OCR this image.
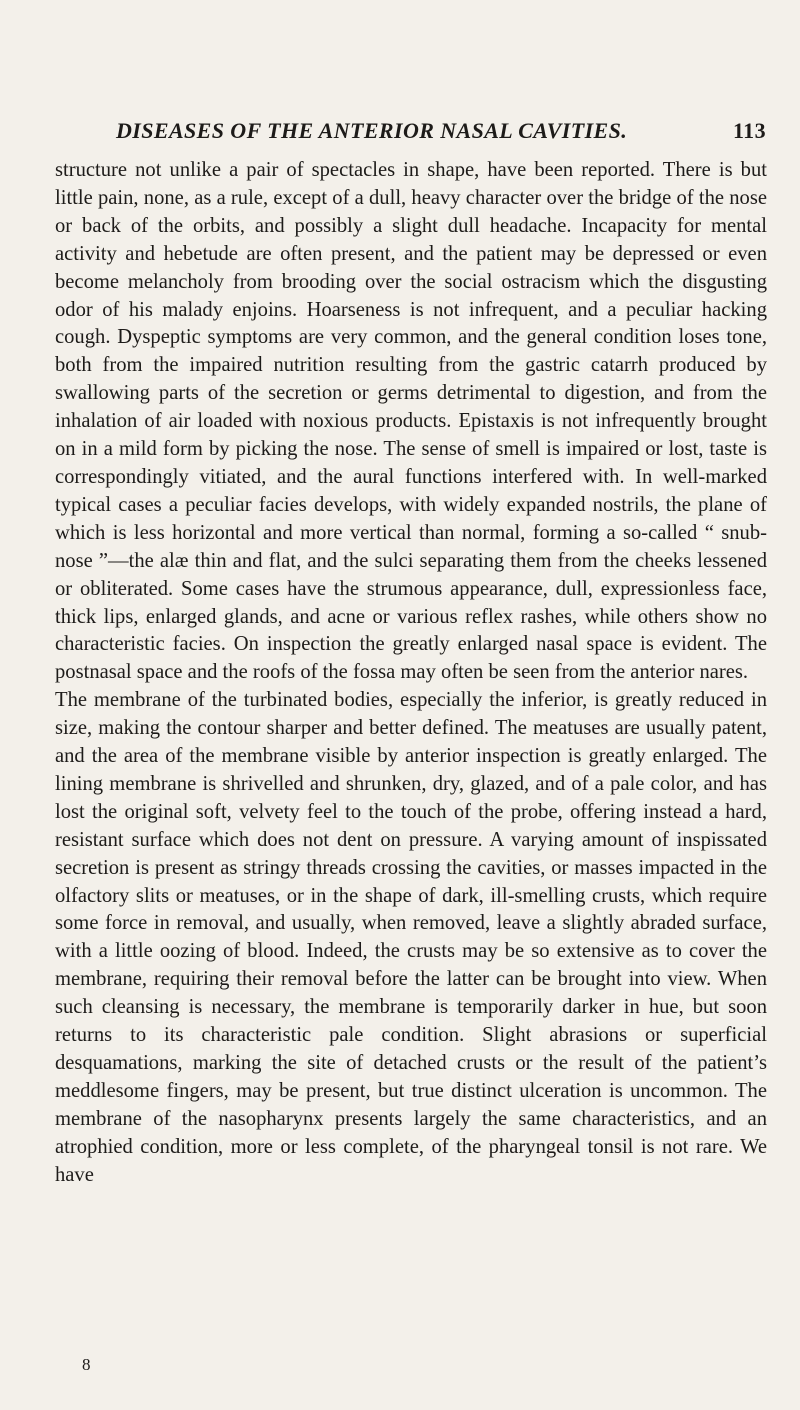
DISEASES OF THE ANTERIOR NASAL CAVITIES.	113

structure not unlike a pair of spectacles in shape, have been reported. There is but little pain, none, as a rule, except of a dull, heavy character over the bridge of the nose or back of the orbits, and possibly a slight dull headache. Incapacity for mental activity and hebetude are often present, and the patient may be depressed or even become melancholy from brooding over the social ostracism which the disgusting odor of his malady enjoins. Hoarseness is not infrequent, and a peculiar hacking cough. Dyspeptic symptoms are very common, and the general condition loses tone, both from the impaired nutrition resulting from the gastric catarrh produced by swallowing parts of the secretion or germs detrimental to digestion, and from the inhalation of air loaded with noxious products. Epistaxis is not infrequently brought on in a mild form by picking the nose. The sense of smell is impaired or lost, taste is correspondingly vitiated, and the aural functions interfered with. In well-marked typical cases a peculiar facies develops, with widely expanded nostrils, the plane of which is less horizontal and more vertical than normal, forming a so-called “ snub-nose ”—the alæ thin and flat, and the sulci separating them from the cheeks lessened or obliterated. Some cases have the strumous appearance, dull, expressionless face, thick lips, enlarged glands, and acne or various reflex rashes, while others show no characteristic facies. On inspection the greatly enlarged nasal space is evident. The postnasal space and the roofs of the fossa may often be seen from the anterior nares.

The membrane of the turbinated bodies, especially the inferior, is greatly reduced in size, making the contour sharper and better defined. The meatuses are usually patent, and the area of the membrane visible by anterior inspection is greatly enlarged. The lining membrane is shrivelled and shrunken, dry, glazed, and of a pale color, and has lost the original soft, velvety feel to the touch of the probe, offering instead a hard, resistant surface which does not dent on pressure. A varying amount of inspissated secretion is present as stringy threads crossing the cavities, or masses impacted in the olfactory slits or meatuses, or in the shape of dark, ill-smelling crusts, which require some force in removal, and usually, when removed, leave a slightly abraded surface, with a little oozing of blood. Indeed, the crusts may be so extensive as to cover the membrane, requiring their removal before the latter can be brought into view. When such cleansing is necessary, the membrane is temporarily darker in hue, but soon returns to its characteristic pale condition. Slight abrasions or superficial desquamations, marking the site of detached crusts or the result of the patient’s meddlesome fingers, may be present, but true distinct ulceration is uncommon. The membrane of the nasopharynx presents largely the same characteristics, and an atrophied condition, more or less complete, of the pharyngeal tonsil is not rare. We have

8
